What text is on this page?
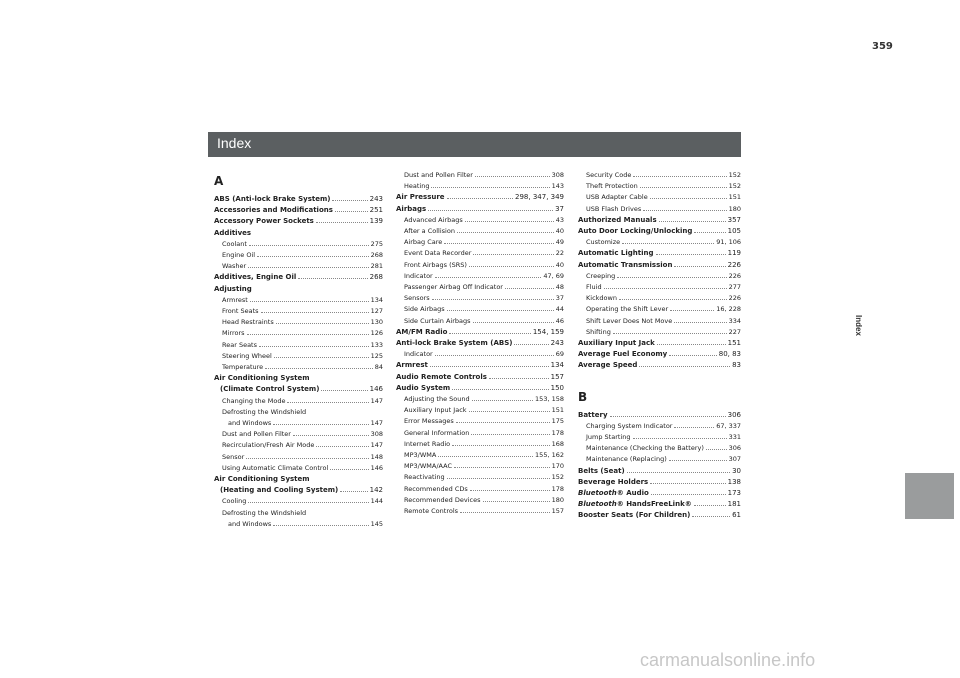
Index
A
ABS (Anti-lock Brake System)	243
Accessories and Modifications	251
Accessory Power Sockets	139
Additives
Coolant	275
Engine Oil	268
Washer	281
Additives, Engine Oil	268
Adjusting
Armrest	134
Front Seats	127
Head Restraints	130
Mirrors	126
Rear Seats	133
Steering Wheel	125
Temperature	84
Air Conditioning System
(Climate Control System)	146
Changing the Mode	147
Defrosting the Windshield
and Windows	147
Dust and Pollen Filter	308
Recirculation/Fresh Air Mode	147
Sensor	148
Using Automatic Climate Control	146
Air Conditioning System
(Heating and Cooling System)	142
Cooling	144
Defrosting the Windshield
and Windows	145
Dust and Pollen Filter	308
Heating	143
Air Pressure	298, 347, 349
Airbags	37
Advanced Airbags	43
After a Collision	40
Airbag Care	49
Event Data Recorder	22
Front Airbags (SRS)	40
Indicator	47, 69
Passenger Airbag Off Indicator	48
Sensors	37
Side Airbags	44
Side Curtain Airbags	46
AM/FM Radio	154, 159
Anti-lock Brake System (ABS)	243
Indicator	69
Armrest	134
Audio Remote Controls	157
Audio System	150
Adjusting the Sound	153, 158
Auxiliary Input Jack	151
Error Messages	175
General Information	178
Internet Radio	168
MP3/WMA	155, 162
MP3/WMA/AAC	170
Reactivating	152
Recommended CDs	178
Recommended Devices	180
Remote Controls	157
Security Code	152
Theft Protection	152
USB Adapter Cable	151
USB Flash Drives	180
Authorized Manuals	357
Auto Door Locking/Unlocking	105
Customize	91, 106
Automatic Lighting	119
Automatic Transmission	226
Creeping	226
Fluid	277
Kickdown	226
Operating the Shift Lever	16, 228
Shift Lever Does Not Move	334
Shifting	227
Auxiliary Input Jack	151
Average Fuel Economy	80, 83
Average Speed	83
B
Battery	306
Charging System Indicator	67, 337
Jump Starting	331
Maintenance (Checking the Battery)	306
Maintenance (Replacing)	307
Belts (Seat)	30
Beverage Holders	138
Bluetooth® Audio	173
Bluetooth® HandsFreeLink®	181
Booster Seats (For Children)	61
359
Index
carmanualsonline.info
